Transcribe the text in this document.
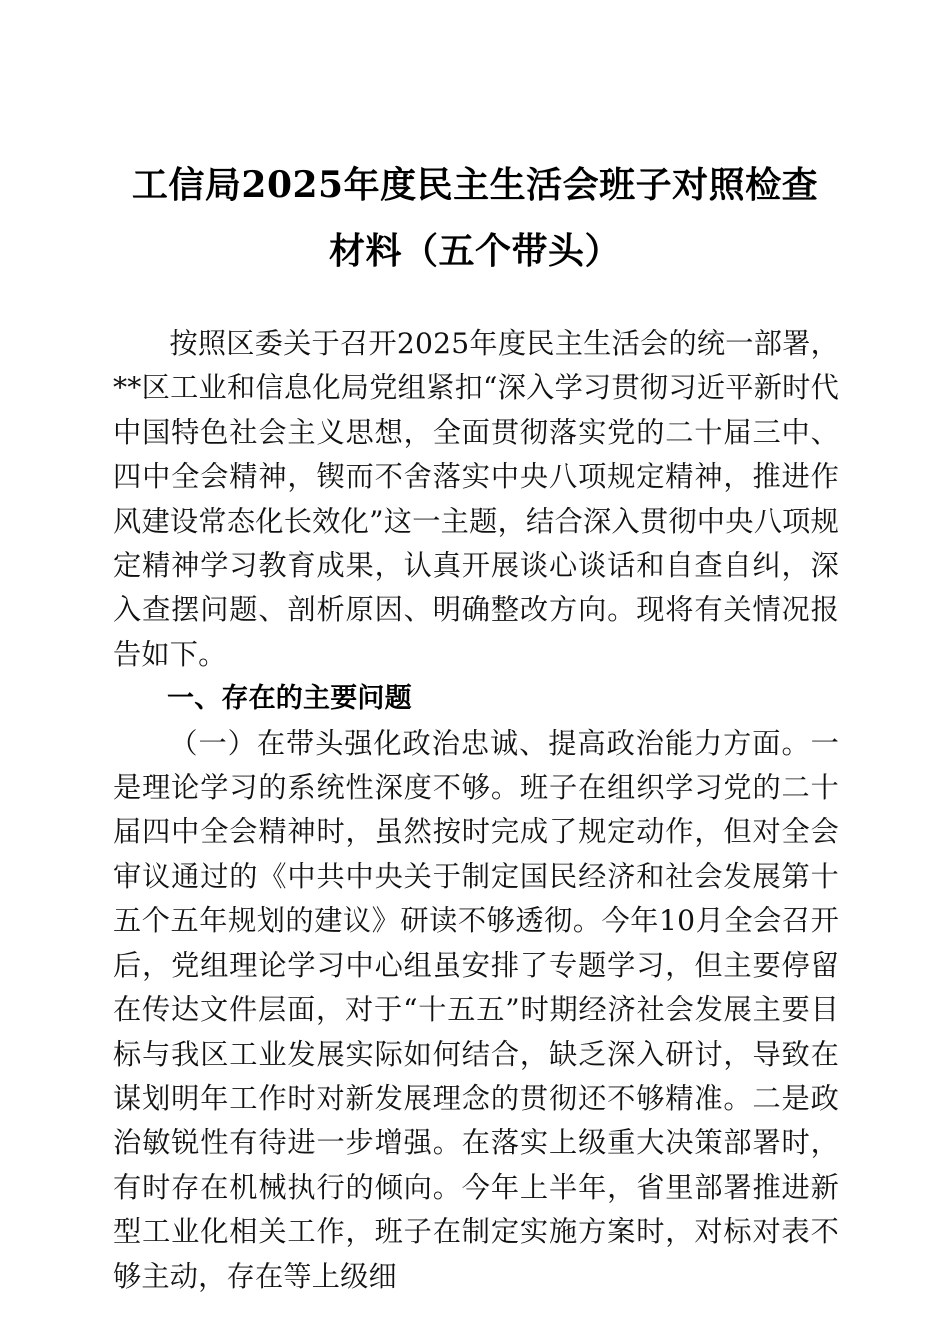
工信局2025年度民主生活会班子对照检查
材料（五个带头）

按照区委关于召开2025年度民主生活会的统一部署，**区工业和信息化局党组紧扣“深入学习贯彻习近平新时代中国特色社会主义思想，全面贯彻落实党的二十届三中、四中全会精神，锲而不舍落实中央八项规定精神，推进作风建设常态化长效化”这一主题，结合深入贯彻中央八项规定精神学习教育成果，认真开展谈心谈话和自查自纠，深入查摆问题、剖析原因、明确整改方向。现将有关情况报告如下。

一、存在的主要问题

（一）在带头强化政治忠诚、提高政治能力方面。一是理论学习的系统性深度不够。班子在组织学习党的二十届四中全会精神时，虽然按时完成了规定动作，但对全会审议通过的《中共中央关于制定国民经济和社会发展第十五个五年规划的建议》研读不够透彻。今年10月全会召开后，党组理论学习中心组虽安排了专题学习，但主要停留在传达文件层面，对于“十五五”时期经济社会发展主要目标与我区工业发展实际如何结合，缺乏深入研讨，导致在谋划明年工作时对新发展理念的贯彻还不够精准。二是政治敏锐性有待进一步增强。在落实上级重大决策部署时，有时存在机械执行的倾向。今年上半年，省里部署推进新型工业化相关工作，班子在制定实施方案时，对标对表不够主动，存在等上级细
